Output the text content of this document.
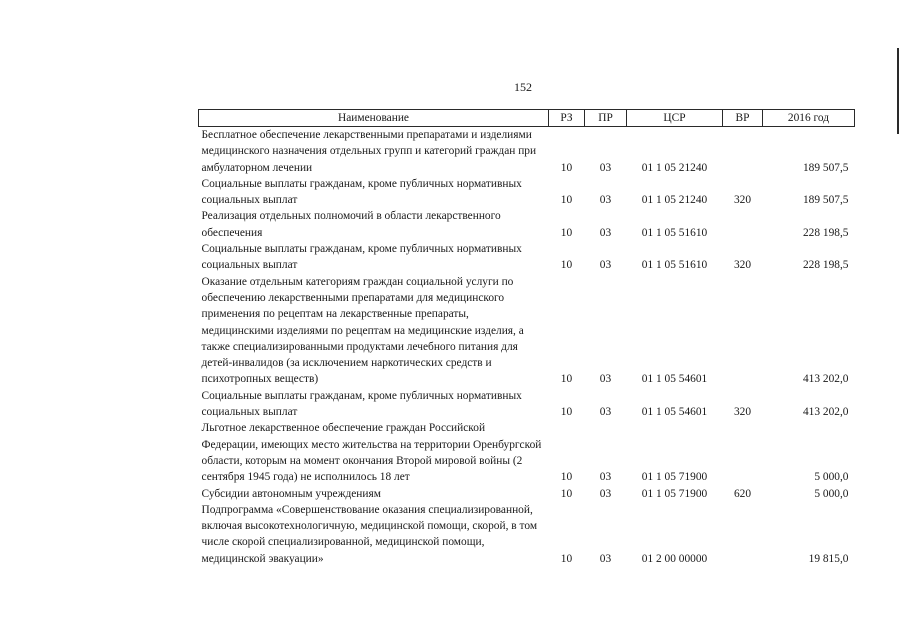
152
Наименование	РЗ	ПР	ЦСР	ВР	2016 год
Бесплатное обеспечение лекарственными препаратами и изделиями медицинского назначения отдельных групп и категорий граждан при амбулаторном лечении	10	03	01 1 05 21240		189 507,5
Социальные выплаты гражданам, кроме публичных нормативных социальных выплат	10	03	01 1 05 21240	320	189 507,5
Реализация отдельных полномочий в области лекарственного обеспечения	10	03	01 1 05 51610		228 198,5
Социальные выплаты гражданам, кроме публичных нормативных социальных выплат	10	03	01 1 05 51610	320	228 198,5
Оказание отдельным категориям граждан социальной услуги по обеспечению лекарственными препаратами для медицинского применения по рецептам на лекарственные препараты, медицинскими изделиями по рецептам на медицинские изделия, а также специализированными продуктами лечебного питания для детей-инвалидов (за исключением наркотических средств и психотропных веществ)	10	03	01 1 05 54601		413 202,0
Социальные выплаты гражданам, кроме публичных нормативных социальных выплат	10	03	01 1 05 54601	320	413 202,0
Льготное лекарственное обеспечение граждан Российской Федерации, имеющих место жительства на территории Оренбургской области, которым на момент окончания Второй мировой войны (2 сентября 1945 года) не исполнилось 18 лет	10	03	01 1 05 71900		5 000,0
Субсидии автономным учреждениям	10	03	01 1 05 71900	620	5 000,0
Подпрограмма «Совершенствование оказания специализированной, включая высокотехнологичную, медицинской помощи, скорой, в том числе скорой специализированной, медицинской помощи, медицинской эвакуации»	10	03	01 2 00 00000		19 815,0
